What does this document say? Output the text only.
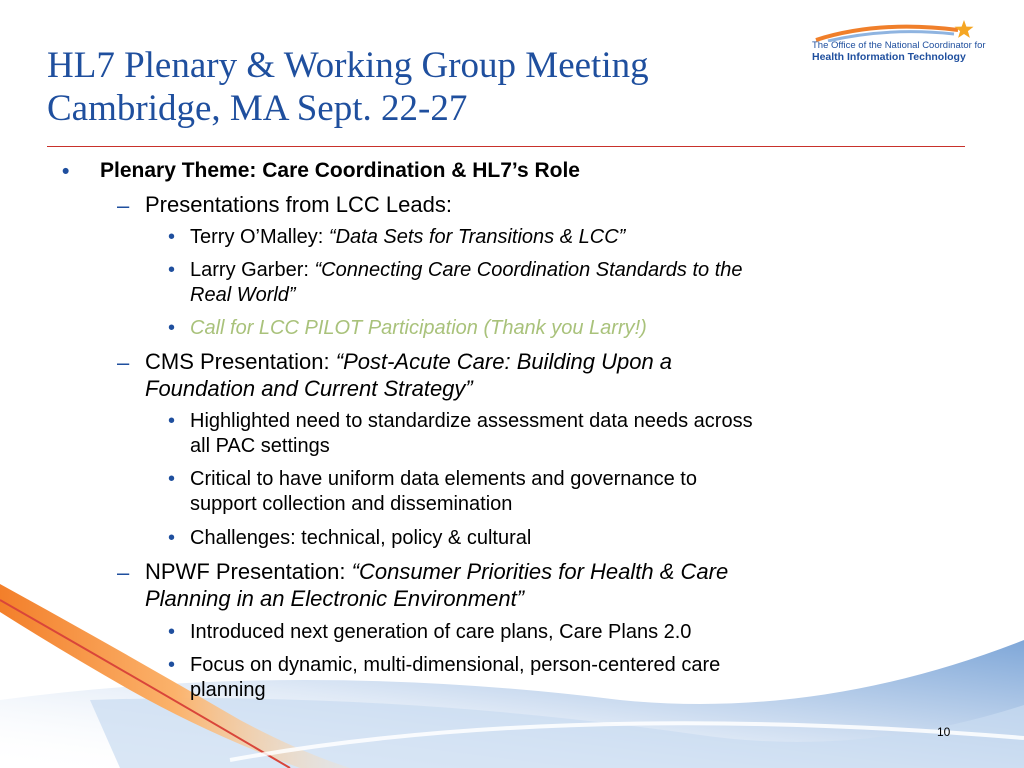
HL7 Plenary & Working Group Meeting
Cambridge, MA Sept. 22-27
The Office of the National Coordinator for
Health Information Technology
• Plenary Theme: Care Coordination & HL7’s Role
– Presentations from LCC Leads:
• Terry O’Malley: “Data Sets for Transitions & LCC”
• Larry Garber: “Connecting Care Coordination Standards to the
Real World”
• Call for LCC PILOT Participation (Thank you Larry!)
– CMS Presentation: “Post-Acute Care: Building Upon a
Foundation and Current Strategy”
• Highlighted need to standardize assessment data needs across
all PAC settings
• Critical to have uniform data elements and governance to
support collection and dissemination
• Challenges: technical, policy & cultural
– NPWF Presentation: “Consumer Priorities for Health & Care
Planning in an Electronic Environment”
• Introduced next generation of care plans, Care Plans 2.0
• Focus on dynamic, multi-dimensional, person-centered care
planning
10
